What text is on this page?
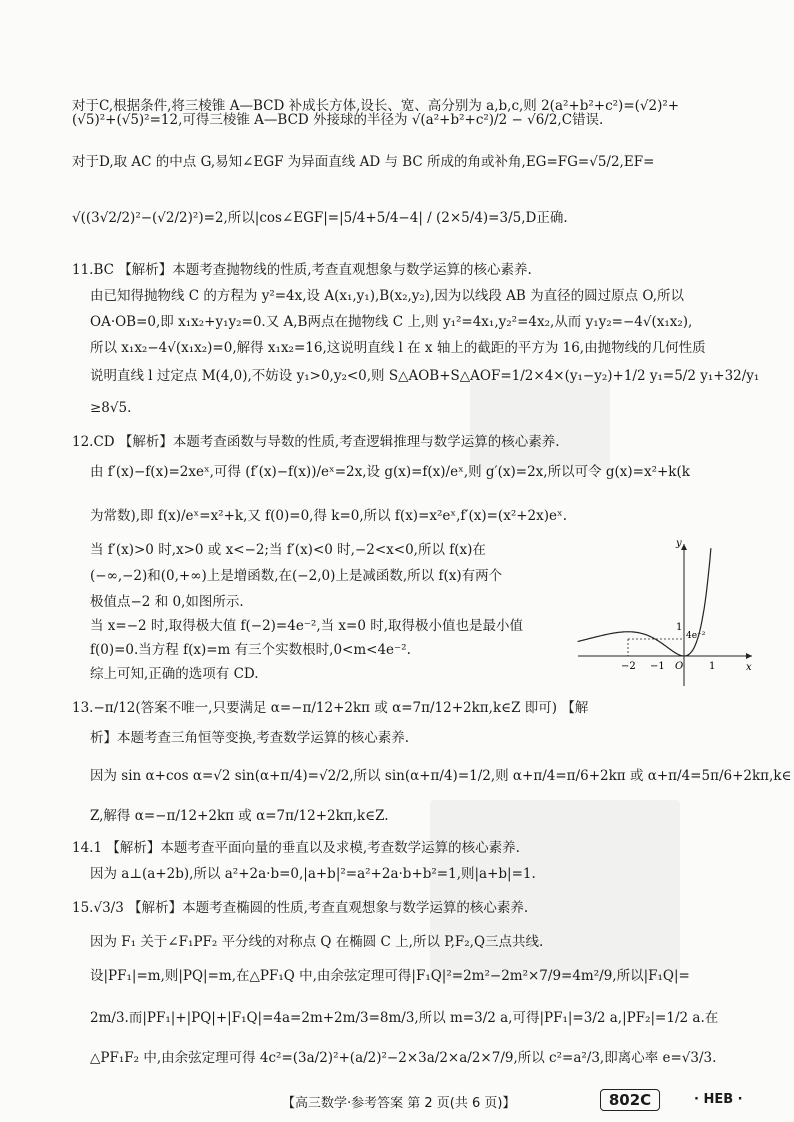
对于C,根据条件,将三棱锥 A—BCD 补成长方体,设长、宽、高分别为 a,b,c,则 2(a²+b²+c²)=(√2)²+
(√5)²+(√5)²=12,可得三棱锥 A—BCD 外接球的半径为 √(a²+b²+c²)/2 − √6/2,C错误.
对于D,取 AC 的中点 G,易知∠EGF 为异面直线 AD 与 BC 所成的角或补角,EG=FG=√5/2,EF=
√((3√2/2)²−(√2/2)²)=2,所以|cos∠EGF|=|5/4+5/4−4| / (2×5/4)=3/5,D正确.
11.BC 【解析】本题考查抛物线的性质,考查直观想象与数学运算的核心素养.
由已知得抛物线 C 的方程为 y²=4x,设 A(x₁,y₁),B(x₂,y₂),因为以线段 AB 为直径的圆过原点 O,所以
OA·OB=0,即 x₁x₂+y₁y₂=0.又 A,B两点在抛物线 C 上,则 y₁²=4x₁,y₂²=4x₂,从而 y₁y₂=−4√(x₁x₂),
所以 x₁x₂−4√(x₁x₂)=0,解得 x₁x₂=16,这说明直线 l 在 x 轴上的截距的平方为 16,由抛物线的几何性质
说明直线 l 过定点 M(4,0),不妨设 y₁>0,y₂<0,则 S△AOB+S△AOF=1/2×4×(y₁−y₂)+1/2 y₁=5/2 y₁+32/y₁
≥8√5.
12.CD 【解析】本题考查函数与导数的性质,考查逻辑推理与数学运算的核心素养.
由 f′(x)−f(x)=2xeˣ,可得 (f′(x)−f(x))/eˣ=2x,设 g(x)=f(x)/eˣ,则 g′(x)=2x,所以可令 g(x)=x²+k(k
为常数),即 f(x)/eˣ=x²+k,又 f(0)=0,得 k=0,所以 f(x)=x²eˣ,f′(x)=(x²+2x)eˣ.
当 f′(x)>0 时,x>0 或 x<−2;当 f′(x)<0 时,−2<x<0,所以 f(x)在
(−∞,−2)和(0,+∞)上是增函数,在(−2,0)上是减函数,所以 f(x)有两个
极值点−2 和 0,如图所示.
当 x=−2 时,取得极大值 f(−2)=4e⁻²,当 x=0 时,取得极小值也是最小值
f(0)=0.当方程 f(x)=m 有三个实数根时,0<m<4e⁻².
综上可知,正确的选项有 CD.
13.−π/12(答案不唯一,只要满足 α=−π/12+2kπ 或 α=7π/12+2kπ,k∈Z 即可) 【解
析】本题考查三角恒等变换,考查数学运算的核心素养.
因为 sin α+cos α=√2 sin(α+π/4)=√2/2,所以 sin(α+π/4)=1/2,则 α+π/4=π/6+2kπ 或 α+π/4=5π/6+2kπ,k∈
Z,解得 α=−π/12+2kπ 或 α=7π/12+2kπ,k∈Z.
14.1 【解析】本题考查平面向量的垂直以及求模,考查数学运算的核心素养.
因为 a⊥(a+2b),所以 a²+2a·b=0,|a+b|²=a²+2a·b+b²=1,则|a+b|=1.
15.√3/3 【解析】本题考查椭圆的性质,考查直观想象与数学运算的核心素养.
因为 F₁ 关于∠F₁PF₂ 平分线的对称点 Q 在椭圆 C 上,所以 P,F₂,Q三点共线.
设|PF₁|=m,则|PQ|=m,在△PF₁Q 中,由余弦定理可得|F₁Q|²=2m²−2m²×7/9=4m²/9,所以|F₁Q|=
2m/3.而|PF₁|+|PQ|+|F₁Q|=4a=2m+2m/3=8m/3,所以 m=3/2 a,可得|PF₁|=3/2 a,|PF₂|=1/2 a.在
△PF₁F₂ 中,由余弦定理可得 4c²=(3a/2)²+(a/2)²−2×3a/2×a/2×7/9,所以 c²=a²/3,即离心率 e=√3/3.
y
x
O
−2 −1	1
1
4e⁻²
【高三数学·参考答案 第 2 页(共 6 页)】	802C	· HEB ·
